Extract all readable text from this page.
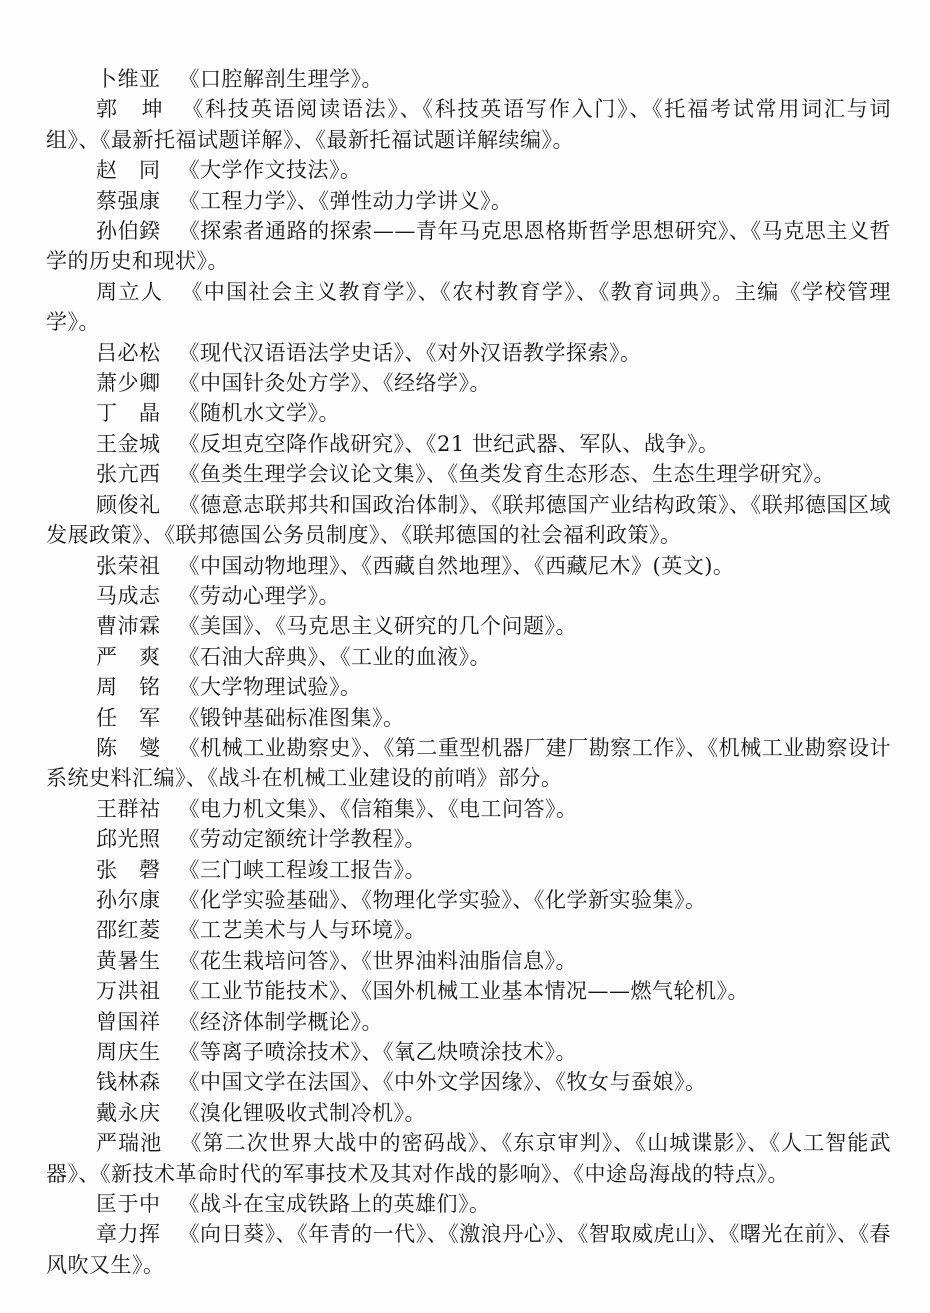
卜维亚 《口腔解剖生理学》。

郭　坤 《科技英语阅读语法》、《科技英语写作入门》、《托福考试常用词汇与词组》、《最新托福试题详解》、《最新托福试题详解续编》。

赵　同 《大学作文技法》。

蔡强康 《工程力学》、《弹性动力学讲义》。

孙伯鍨 《探索者通路的探索——青年马克思恩格斯哲学思想研究》、《马克思主义哲学的历史和现状》。

周立人 《中国社会主义教育学》、《农村教育学》、《教育词典》。主编《学校管理学》。

吕必松 《现代汉语语法学史话》、《对外汉语教学探索》。

萧少卿 《中国针灸处方学》、《经络学》。

丁　晶 《随机水文学》。

王金城 《反坦克空降作战研究》、《21 世纪武器、军队、战争》。

张亢西 《鱼类生理学会议论文集》、《鱼类发育生态形态、生态生理学研究》。

顾俊礼 《德意志联邦共和国政治体制》、《联邦德国产业结构政策》、《联邦德国区域发展政策》、《联邦德国公务员制度》、《联邦德国的社会福利政策》。

张荣祖 《中国动物地理》、《西藏自然地理》、《西藏尼木》(英文)。

马成志 《劳动心理学》。

曹沛霖 《美国》、《马克思主义研究的几个问题》。

严　爽 《石油大辞典》、《工业的血液》。

周　铭 《大学物理试验》。

任　军 《锻钟基础标准图集》。

陈　燮 《机械工业勘察史》、《第二重型机器厂建厂勘察工作》、《机械工业勘察设计系统史料汇编》、《战斗在机械工业建设的前哨》部分。

王群祜 《电力机文集》、《信箱集》、《电工问答》。

邱光照 《劳动定额统计学教程》。

张　磬 《三门峡工程竣工报告》。

孙尔康 《化学实验基础》、《物理化学实验》、《化学新实验集》。

邵红菱 《工艺美术与人与环境》。

黄暑生 《花生栽培问答》、《世界油料油脂信息》。

万洪祖 《工业节能技术》、《国外机械工业基本情况——燃气轮机》。

曾国祥 《经济体制学概论》。

周庆生 《等离子喷涂技术》、《氧乙炔喷涂技术》。

钱林森 《中国文学在法国》、《中外文学因缘》、《牧女与蚕娘》。

戴永庆 《溴化锂吸收式制冷机》。

严瑞池 《第二次世界大战中的密码战》、《东京审判》、《山城谍影》、《人工智能武器》、《新技术革命时代的军事技术及其对作战的影响》、《中途岛海战的特点》。

匡于中 《战斗在宝成铁路上的英雄们》。

章力挥 《向日葵》、《年青的一代》、《激浪丹心》、《智取威虎山》、《曙光在前》、《春风吹又生》。
